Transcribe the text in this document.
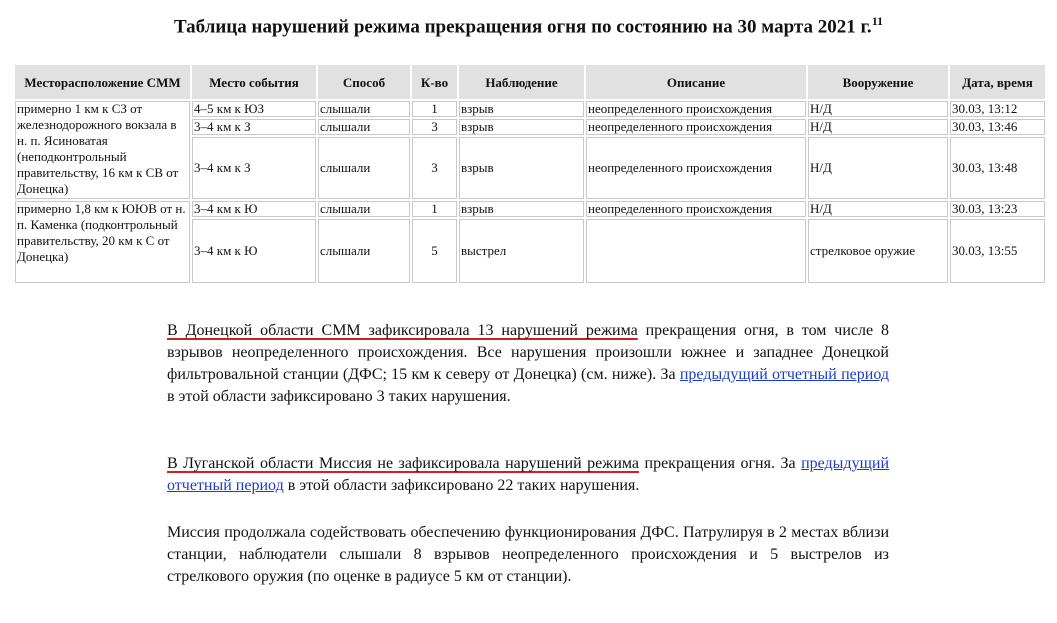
Таблица нарушений режима прекращения огня по состоянию на 30 марта 2021 г.$^{11}$
Месторасположение СММ	Место события	Способ	К-во	Наблюдение	Описание	Вооружение	Дата, время
примерно 1 км к СЗ от железнодорожного вокзала в н. п. Ясиноватая (неподконтрольный правительству, 16 км к СВ от Донецка)	4–5 км к ЮЗ	слышали	1	взрыв	неопределенного происхождения	Н/Д	30.03, 13:12
	3–4 км к З	слышали	3	взрыв	неопределенного происхождения	Н/Д	30.03, 13:46
	3–4 км к З	слышали	3	взрыв	неопределенного происхождения	Н/Д	30.03, 13:48
примерно 1,8 км к ЮЮВ от н. п. Каменка (подконтрольный правительству, 20 км к С от Донецка)	3–4 км к Ю	слышали	1	взрыв	неопределенного происхождения	Н/Д	30.03, 13:23
	3–4 км к Ю	слышали	5	выстрел		стрелковое оружие	30.03, 13:55
В Донецкой области СММ зафиксировала 13 нарушений режима прекращения огня, в том числе 8 взрывов неопределенного происхождения. Все нарушения произошли южнее и западнее Донецкой фильтровальной станции (ДФС; 15 км к северу от Донецка) (см. ниже). За предыдущий отчетный период в этой области зафиксировано 3 таких нарушения.
В Луганской области Миссия не зафиксировала нарушений режима прекращения огня. За предыдущий отчетный период в этой области зафиксировано 22 таких нарушения.
Миссия продолжала содействовать обеспечению функционирования ДФС. Патрулируя в 2 местах вблизи станции, наблюдатели слышали 8 взрывов неопределенного происхождения и 5 выстрелов из стрелкового оружия (по оценке в радиусе 5 км от станции).
